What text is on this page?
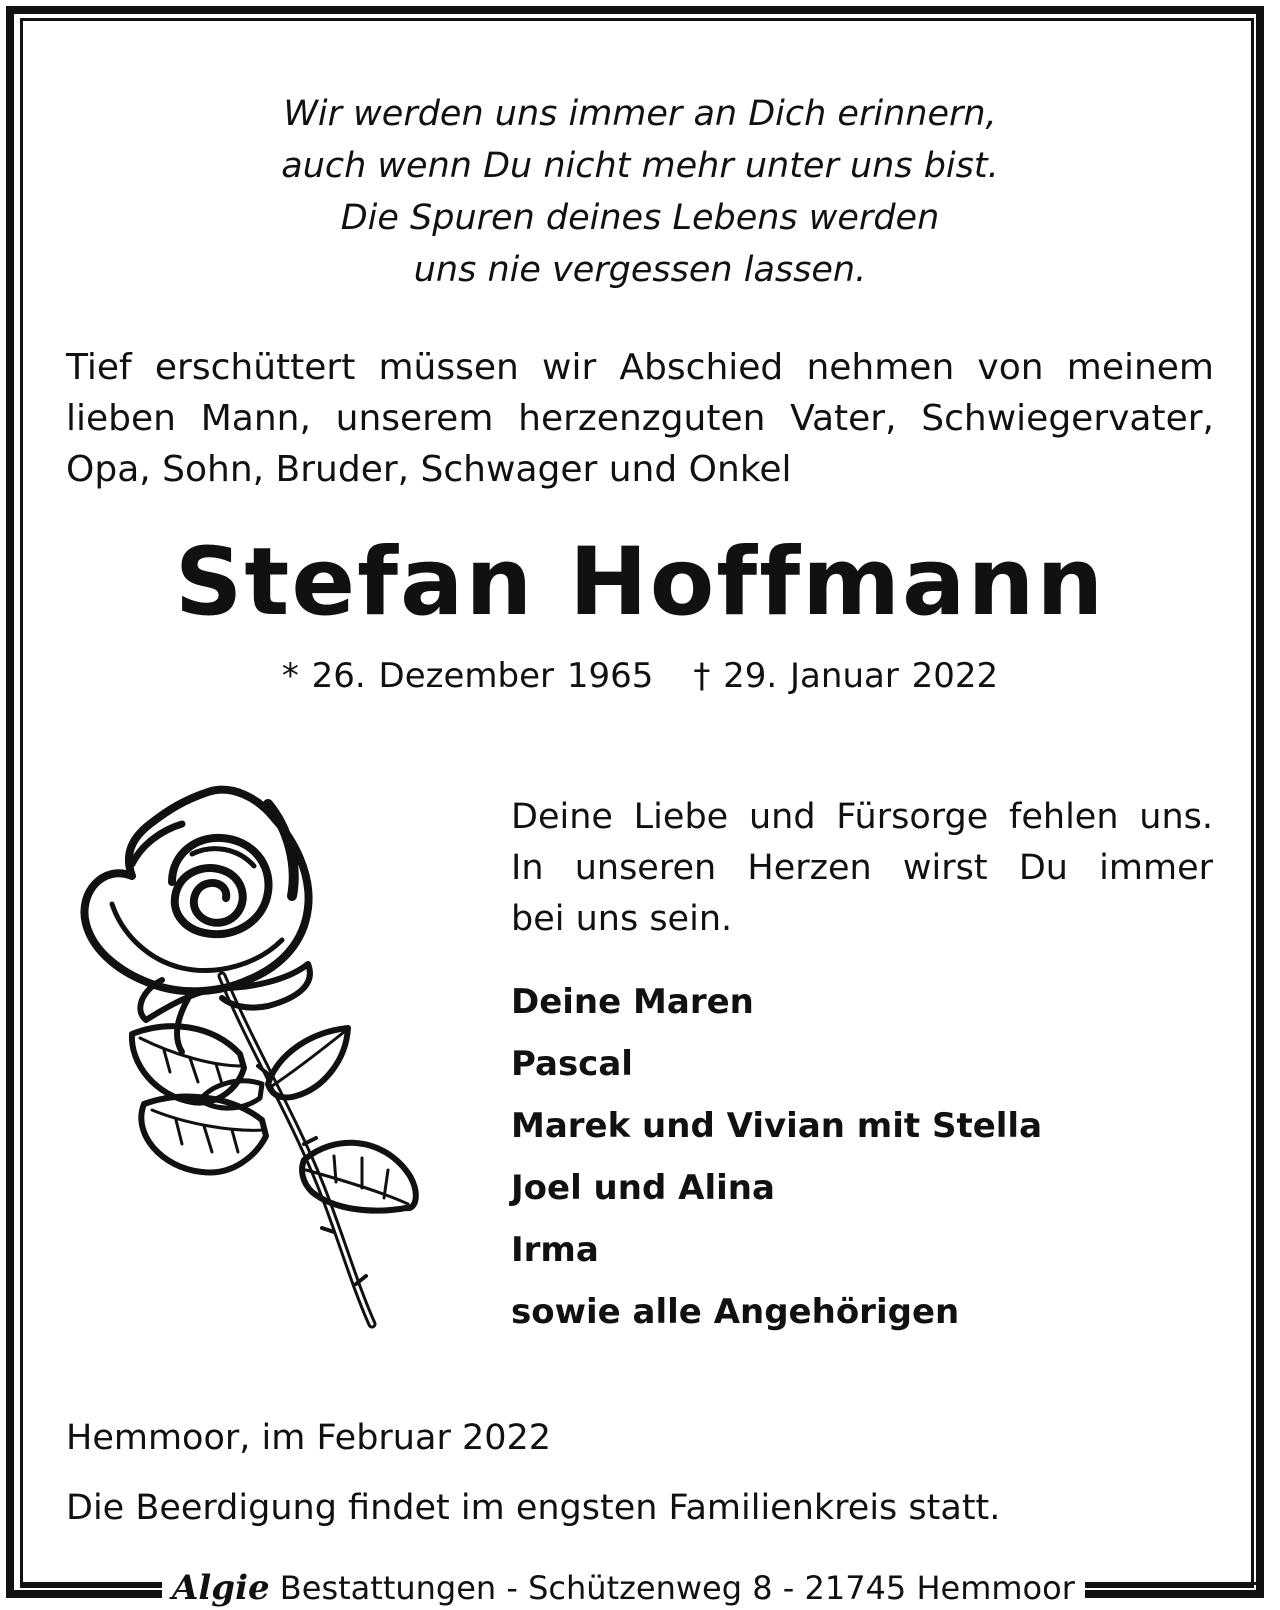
Wir werden uns immer an Dich erinnern,
auch wenn Du nicht mehr unter uns bist.
Die Spuren deines Lebens werden
uns nie vergessen lassen.
Tief erschüttert müssen wir Abschied nehmen von meinem
lieben Mann, unserem herzenzguten Vater, Schwiegervater,
Opa, Sohn, Bruder, Schwager und Onkel
Stefan Hoffmann
* 26. Dezember 1965 † 29. Januar 2022
Deine Liebe und Fürsorge fehlen uns.
In unseren Herzen wirst Du immer
bei uns sein.
Deine Maren
Pascal
Marek und Vivian mit Stella
Joel und Alina
Irma
sowie alle Angehörigen
Hemmoor, im Februar 2022
Die Beerdigung findet im engsten Familienkreis statt.
Algie Bestattungen - Schützenweg 8 - 21745 Hemmoor
